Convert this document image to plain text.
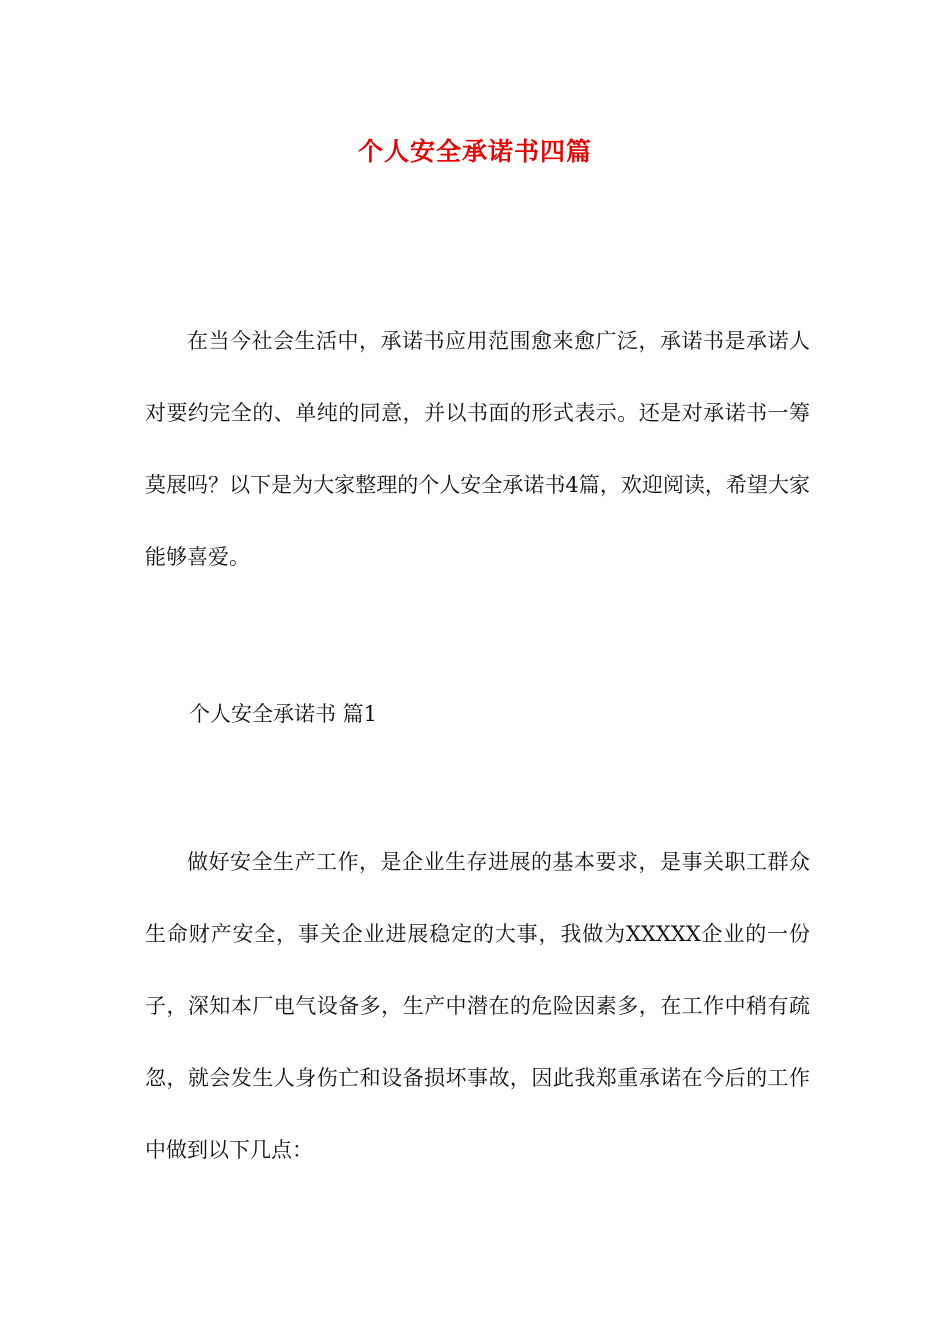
个人安全承诺书四篇

在当今社会生活中，承诺书应用范围愈来愈广泛，承诺书是承诺人对要约完全的、单纯的同意，并以书面的形式表示。还是对承诺书一筹莫展吗？以下是为大家整理的个人安全承诺书4篇，欢迎阅读，希望大家能够喜爱。

个人安全承诺书 篇1

做好安全生产工作，是企业生存进展的基本要求，是事关职工群众生命财产安全，事关企业进展稳定的大事，我做为XXXXX企业的一份子，深知本厂电气设备多，生产中潜在的危险因素多，在工作中稍有疏忽，就会发生人身伤亡和设备损坏事故，因此我郑重承诺在今后的工作中做到以下几点：
